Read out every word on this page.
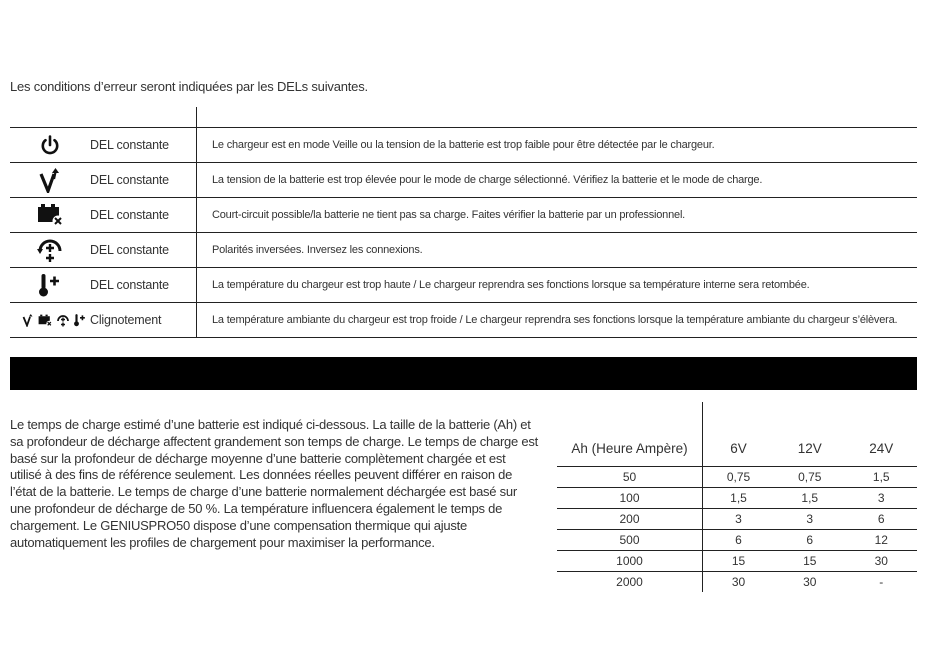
Les conditions d’erreur seront indiquées par les DELs suivantes.

	DEL constante	Le chargeur est en mode Veille ou la tension de la batterie est trop faible pour être détectée par le chargeur.
	DEL constante	La tension de la batterie est trop élevée pour le mode de charge sélectionné. Vérifiez la batterie et le mode de charge.
	DEL constante	Court-circuit possible/la batterie ne tient pas sa charge. Faites vérifier la batterie par un professionnel.
	DEL constante	Polarités inversées. Inversez les connexions.
	DEL constante	La température du chargeur est trop haute / Le chargeur reprendra ses fonctions lorsque sa température interne sera retombée.

	Clignotement	La température ambiante du chargeur est trop froide / Le chargeur reprendra ses fonctions lorsque la température ambiante du chargeur s’élèvera.
Le temps de charge estimé d’une batterie est indiqué ci-dessous. La taille de la batterie (Ah) et sa profondeur de décharge affectent grandement son temps de charge. Le temps de charge est basé sur la profondeur de décharge moyenne d’une batterie complètement chargée et est utilisé à des fins de référence seulement. Les données réelles peuvent différer en raison de l’état de la batterie. Le temps de charge d’une batterie normalement déchargée est basé sur une profondeur de décharge de 50 %. La température influencera également le temps de chargement. Le GENIUSPRO50 dispose d’une compensation thermique qui ajuste automatiquement les profiles de chargement pour maximiser la performance.

Ah (Heure Ampère)	6V	12V	24V
50	0,75	0,75	1,5
100	1,5	1,5	3
200	3	3	6
500	6	6	12
1000	15	15	30
2000	30	30	-
